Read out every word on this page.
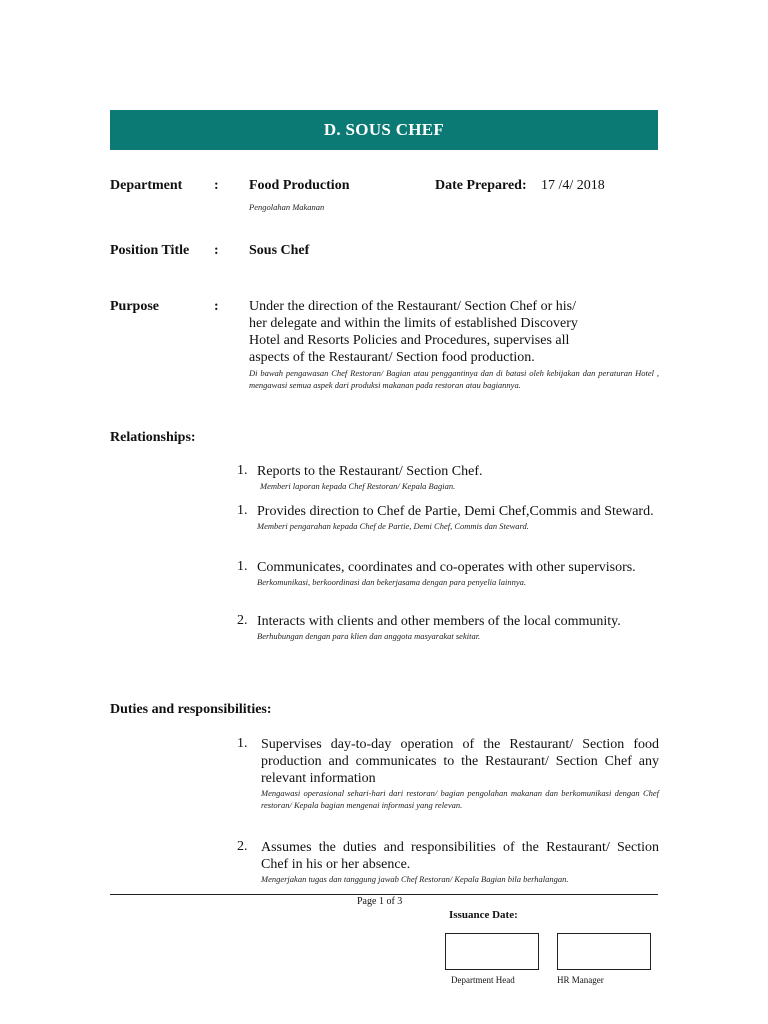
D. SOUS CHEF
Department : Food Production
Pengolahan Makanan
Date Prepared: 17 /4/ 2018
Position Title : Sous Chef
Purpose	: Under the direction of the Restaurant/ Section Chef or his/
her delegate and within the limits of established Discovery
Hotel and Resorts Policies and Procedures, supervises all
aspects of the Restaurant/ Section food production.
Di bawah pengawasan Chef Restoran/ Bagian atau penggantinya dan di batasi oleh kebijakan dan peraturan Hotel , mengawasi semua aspek dari produksi makanan pada restoran atau bagiannya.
Relationships:
1. Reports to the Restaurant/ Section Chef.
Memberi laporan kepada Chef Restoran/ Kepala Bagian.
1. Provides direction to Chef de Partie, Demi Chef,Commis and Steward.
Memberi pengarahan kepada Chef de Partie, Demi Chef, Commis dan Steward.
1. Communicates, coordinates and co-operates with other supervisors.
Berkomunikasi, berkoordinasi dan bekerjasama dengan para penyelia lainnya.
2. Interacts with clients and other members of the local community.
Berhubungan dengan para klien dan anggota masyarakat sekitar.
Duties and responsibilities:
1. Supervises day-to-day operation of the Restaurant/ Section food production and communicates to the Restaurant/ Section Chef any relevant information
Mengawasi operasional sehari-hari dari restoran/ bagian pengolahan makanan dan berkomunikasi dengan Chef restoran/ Kepala bagian mengenai informasi yang relevan.
2. Assumes the duties and responsibilities of the Restaurant/ Section Chef in his or her absence.
Mengerjakan tugas dan tanggung jawab Chef Restoran/ Kepala Bagian bila berhalangan.
Page 1 of 3
Issuance Date:
Department Head	HR Manager
